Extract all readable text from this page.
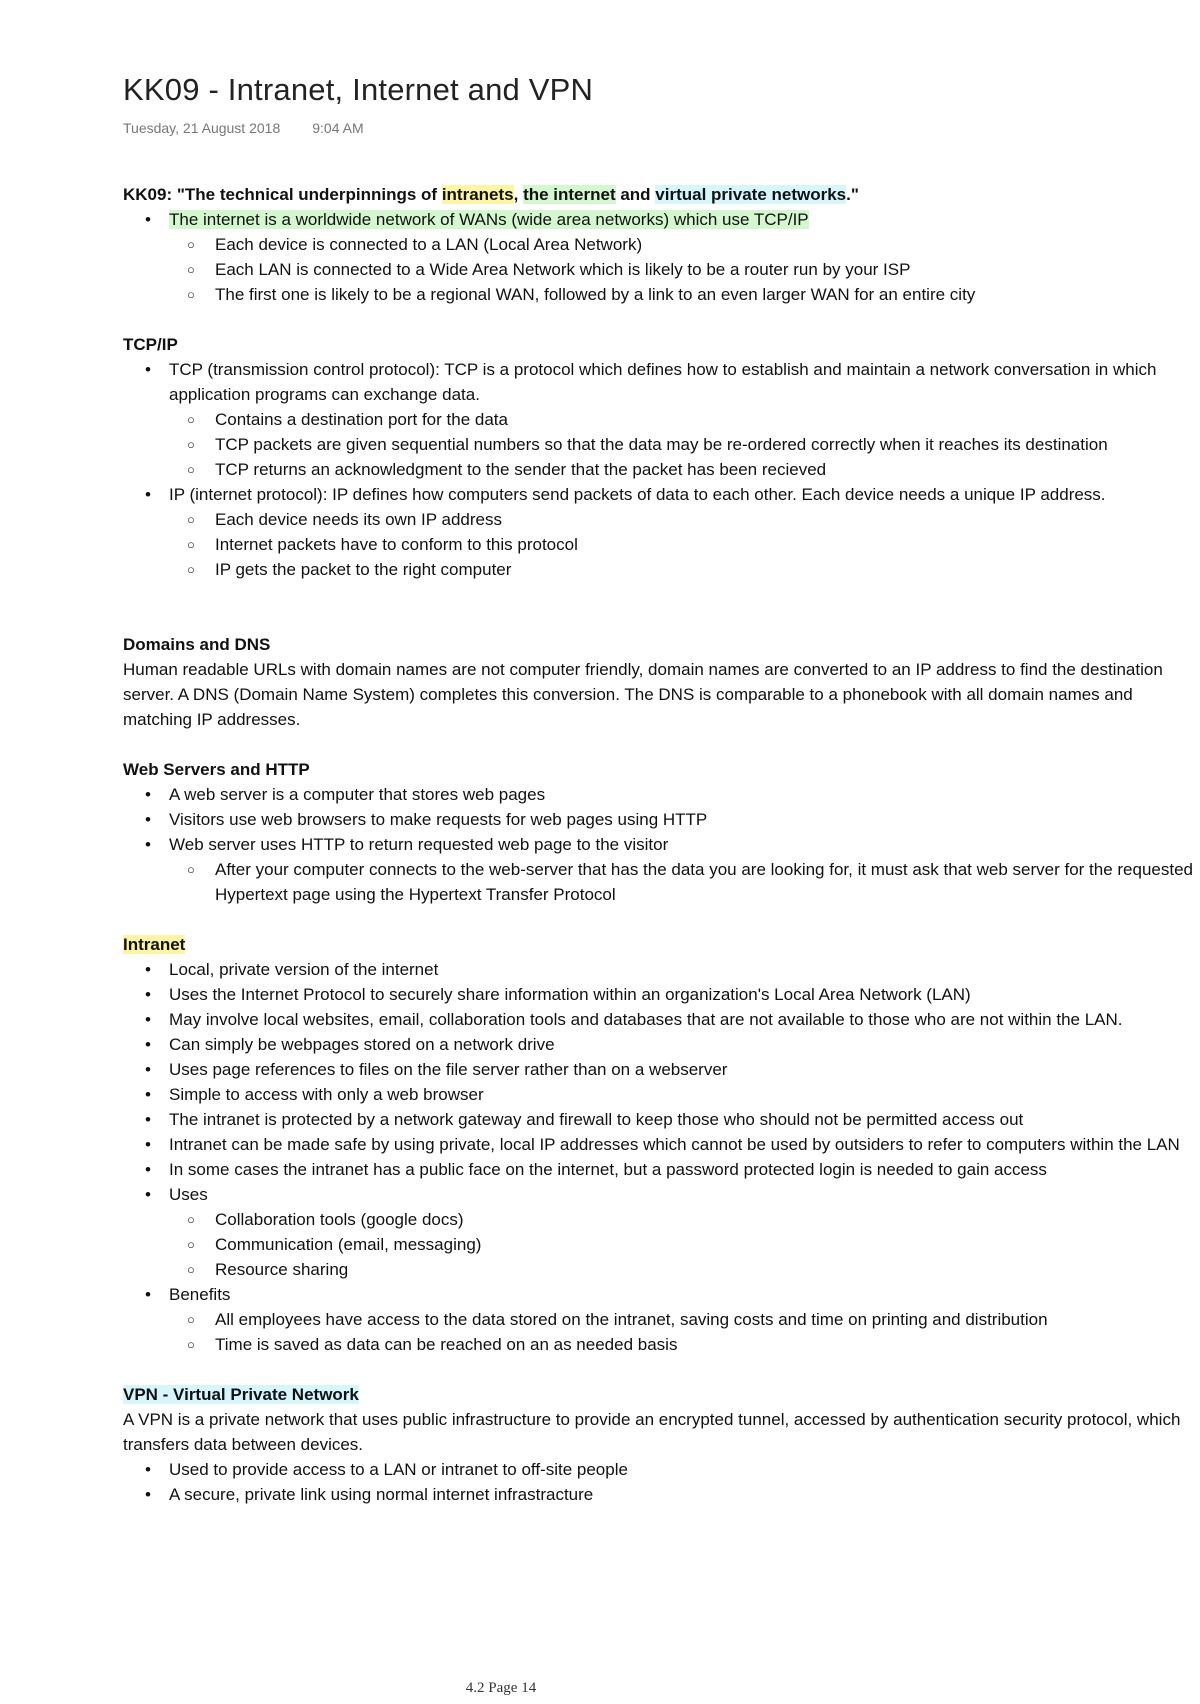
KK09 - Intranet, Internet and VPN
Tuesday, 21 August 2018 9:04 AM
KK09: "The technical underpinnings of intranets, the internet and virtual private networks."
• The internet is a worldwide network of WANs (wide area networks) which use TCP/IP
○ Each device is connected to a LAN (Local Area Network)
○ Each LAN is connected to a Wide Area Network which is likely to be a router run by your ISP
○ The first one is likely to be a regional WAN, followed by a link to an even larger WAN for an entire city
TCP/IP
• TCP (transmission control protocol): TCP is a protocol which defines how to establish and maintain a network conversation in which application programs can exchange data.
○ Contains a destination port for the data
○ TCP packets are given sequential numbers so that the data may be re-ordered correctly when it reaches its destination
○ TCP returns an acknowledgment to the sender that the packet has been recieved
• IP (internet protocol): IP defines how computers send packets of data to each other. Each device needs a unique IP address.
○ Each device needs its own IP address
○ Internet packets have to conform to this protocol
○ IP gets the packet to the right computer
Domains and DNS

Human readable URLs with domain names are not computer friendly, domain names are converted to an IP address to find the destination server. A DNS (Domain Name System) completes this conversion. The DNS is comparable to a phonebook with all domain names and matching IP addresses.

Web Servers and HTTP
• A web server is a computer that stores web pages
• Visitors use web browsers to make requests for web pages using HTTP
• Web server uses HTTP to return requested web page to the visitor
○ After your computer connects to the web-server that has the data you are looking for, it must ask that web server for the requested Hypertext page using the Hypertext Transfer Protocol
Intranet
• Local, private version of the internet
• Uses the Internet Protocol to securely share information within an organization's Local Area Network (LAN)
• May involve local websites, email, collaboration tools and databases that are not available to those who are not within the LAN.
• Can simply be webpages stored on a network drive
• Uses page references to files on the file server rather than on a webserver
• Simple to access with only a web browser
• The intranet is protected by a network gateway and firewall to keep those who should not be permitted access out
• Intranet can be made safe by using private, local IP addresses which cannot be used by outsiders to refer to computers within the LAN
• In some cases the intranet has a public face on the internet, but a password protected login is needed to gain access
• Uses
○ Collaboration tools (google docs)
○ Communication (email, messaging)
○ Resource sharing
• Benefits
○ All employees have access to the data stored on the intranet, saving costs and time on printing and distribution
○ Time is saved as data can be reached on an as needed basis
VPN - Virtual Private Network

A VPN is a private network that uses public infrastructure to provide an encrypted tunnel, accessed by authentication security protocol, which transfers data between devices.

• Used to provide access to a LAN or intranet to off-site people
• A secure, private link using normal internet infrastracture
4.2 Page 14
